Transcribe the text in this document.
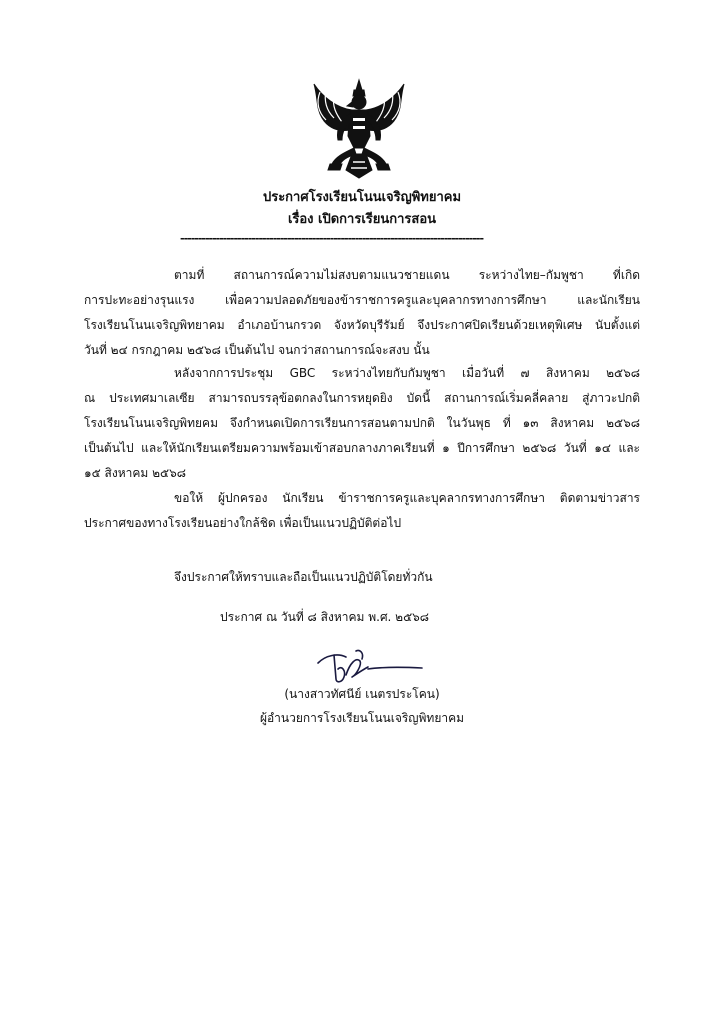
ประกาศโรงเรียนโนนเจริญพิทยาคม
เรื่อง เปิดการเรียนการสอน
-------------------------------------------------------------------------------------
ตามที่ สถานการณ์ความไม่สงบตามแนวชายแดน ระหว่างไทย–กัมพูชา ที่เกิด
การปะทะอย่างรุนแรง เพื่อความปลอดภัยของข้าราชการครูและบุคลากรทางการศึกษา และนักเรียน
โรงเรียนโนนเจริญพิทยาคม อำเภอบ้านกรวด จังหวัดบุรีรัมย์ จึงประกาศปิดเรียนด้วยเหตุพิเศษ นับตั้งแต่
วันที่ ๒๔ กรกฎาคม ๒๕๖๘ เป็นต้นไป จนกว่าสถานการณ์จะสงบ นั้น
หลังจากการประชุม GBC ระหว่างไทยกับกัมพูชา เมื่อวันที่ ๗ สิงหาคม ๒๕๖๘
ณ ประเทศมาเลเซีย สามารถบรรลุข้อตกลงในการหยุดยิง บัดนี้ สถานการณ์เริ่มคลี่คลาย สู่ภาวะปกติ
โรงเรียนโนนเจริญพิทยคม จึงกำหนดเปิดการเรียนการสอนตามปกติ ในวันพุธ ที่ ๑๓ สิงหาคม ๒๕๖๘
เป็นต้นไป และให้นักเรียนเตรียมความพร้อมเข้าสอบกลางภาคเรียนที่ ๑ ปีการศึกษา ๒๕๖๘ วันที่ ๑๔ และ
๑๕ สิงหาคม ๒๕๖๘
ขอให้ ผู้ปกครอง นักเรียน ข้าราชการครูและบุคลากรทางการศึกษา ติดตามข่าวสาร
ประกาศของทางโรงเรียนอย่างใกล้ชิด เพื่อเป็นแนวปฏิบัติต่อไป
จึงประกาศให้ทราบและถือเป็นแนวปฏิบัติโดยทั่วกัน
ประกาศ ณ วันที่ ๘ สิงหาคม พ.ศ. ๒๕๖๘
(นางสาวทัศนีย์ เนตรประโคน)
ผู้อำนวยการโรงเรียนโนนเจริญพิทยาคม
